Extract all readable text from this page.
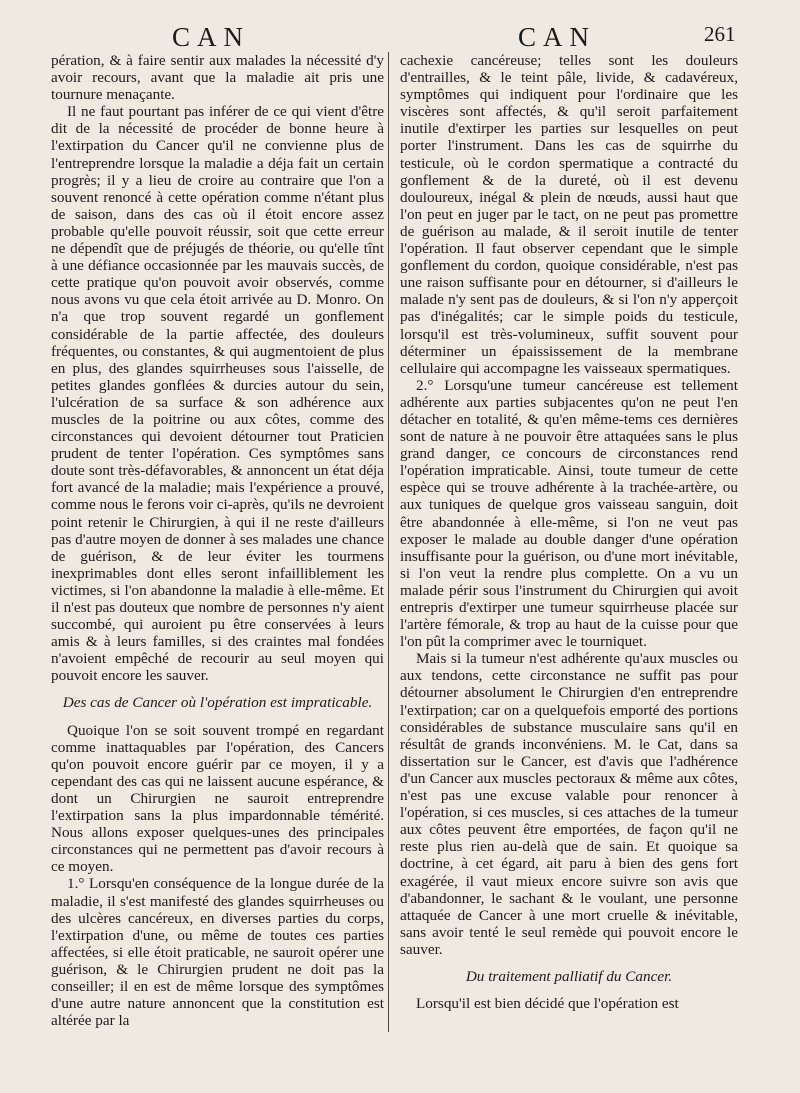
CAN	CAN	261

pération, & à faire sentir aux malades la nécessité d'y avoir recours, avant que la maladie ait pris une tournure menaçante.

Il ne faut pourtant pas inférer de ce qui vient d'être dit de la nécessité de procéder de bonne heure à l'extirpation du Cancer qu'il ne convienne plus de l'entreprendre lorsque la maladie a déja fait un certain progrès; il y a lieu de croire au contraire que l'on a souvent renoncé à cette opération comme n'étant plus de saison, dans des cas où il étoit encore assez probable qu'elle pouvoit réussir, soit que cette erreur ne dépendît que de préjugés de théorie, ou qu'elle tînt à une défiance occasionnée par les mauvais succès, de cette pratique qu'on pouvoit avoir observés, comme nous avons vu que cela étoit arrivée au D. Monro. On n'a que trop souvent regardé un gonflement considérable de la partie affectée, des douleurs fréquentes, ou constantes, & qui augmentoient de plus en plus, des glandes squirrheuses sous l'aisselle, de petites glandes gonflées & durcies autour du sein, l'ulcération de sa surface & son adhérence aux muscles de la poitrine ou aux côtes, comme des circonstances qui devoient détourner tout Praticien prudent de tenter l'opération. Ces symptômes sans doute sont très-défavorables, & annoncent un état déja fort avancé de la maladie; mais l'expérience a prouvé, comme nous le ferons voir ci-après, qu'ils ne devroient point retenir le Chirurgien, à qui il ne reste d'ailleurs pas d'autre moyen de donner à ses malades une chance de guérison, & de leur éviter les tourmens inexprimables dont elles seront infailliblement les victimes, si l'on abandonne la maladie à elle-même. Et il n'est pas douteux que nombre de personnes n'y aient succombé, qui auroient pu être conservées à leurs amis & à leurs familles, si des craintes mal fondées n'avoient empêché de recourir au seul moyen qui pouvoit encore les sauver.

Des cas de Cancer où l'opération est impraticable.

Quoique l'on se soit souvent trompé en regardant comme inattaquables par l'opération, des Cancers qu'on pouvoit encore guérir par ce moyen, il y a cependant des cas qui ne laissent aucune espérance, & dont un Chirurgien ne sauroit entreprendre l'extirpation sans la plus impardonnable témérité. Nous allons exposer quelques-unes des principales circonstances qui ne permettent pas d'avoir recours à ce moyen.

1.° Lorsqu'en conséquence de la longue durée de la maladie, il s'est manifesté des glandes squirrheuses ou des ulcères cancéreux, en diverses parties du corps, l'extirpation d'une, ou même de toutes ces parties affectées, si elle étoit praticable, ne sauroit opérer une guérison, & le Chirurgien prudent ne doit pas la conseiller; il en est de même lorsque des symptômes d'une autre nature annoncent que la constitution est altérée par la

cachexie cancéreuse; telles sont les douleurs d'entrailles, & le teint pâle, livide, & cadavéreux, symptômes qui indiquent pour l'ordinaire que les viscères sont affectés, & qu'il seroit parfaitement inutile d'extirper les parties sur lesquelles on peut porter l'instrument. Dans les cas de squirrhe du testicule, où le cordon spermatique a contracté du gonflement & de la dureté, où il est devenu douloureux, inégal & plein de nœuds, aussi haut que l'on peut en juger par le tact, on ne peut pas promettre de guérison au malade, & il seroit inutile de tenter l'opération. Il faut observer cependant que le simple gonflement du cordon, quoique considérable, n'est pas une raison suffisante pour en détourner, si d'ailleurs le malade n'y sent pas de douleurs, & si l'on n'y apperçoit pas d'inégalités; car le simple poids du testicule, lorsqu'il est très-volumineux, suffit souvent pour déterminer un épaississement de la membrane cellulaire qui accompagne les vaisseaux spermatiques.

2.° Lorsqu'une tumeur cancéreuse est tellement adhérente aux parties subjacentes qu'on ne peut l'en détacher en totalité, & qu'en même-tems ces dernières sont de nature à ne pouvoir être attaquées sans le plus grand danger, ce concours de circonstances rend l'opération impraticable. Ainsi, toute tumeur de cette espèce qui se trouve adhérente à la trachée-artère, ou aux tuniques de quelque gros vaisseau sanguin, doit être abandonnée à elle-même, si l'on ne veut pas exposer le malade au double danger d'une opération insuffisante pour la guérison, ou d'une mort inévitable, si l'on veut la rendre plus complette. On a vu un malade périr sous l'instrument du Chirurgien qui avoit entrepris d'extirper une tumeur squirrheuse placée sur l'artère fémorale, & trop au haut de la cuisse pour que l'on pût la comprimer avec le tourniquet.

Mais si la tumeur n'est adhérente qu'aux muscles ou aux tendons, cette circonstance ne suffit pas pour détourner absolument le Chirurgien d'en entreprendre l'extirpation; car on a quelquefois emporté des portions considérables de substance musculaire sans qu'il en résultât de grands inconvéniens. M. le Cat, dans sa dissertation sur le Cancer, est d'avis que l'adhérence d'un Cancer aux muscles pectoraux & même aux côtes, n'est pas une excuse valable pour renoncer à l'opération, si ces muscles, si ces attaches de la tumeur aux côtes peuvent être emportées, de façon qu'il ne reste plus rien au-delà que de sain. Et quoique sa doctrine, à cet égard, ait paru à bien des gens fort exagérée, il vaut mieux encore suivre son avis que d'abandonner, le sachant & le voulant, une personne attaquée de Cancer à une mort cruelle & inévitable, sans avoir tenté le seul remède qui pouvoit encore le sauver.

Du traitement palliatif du Cancer.

Lorsqu'il est bien décidé que l'opération est
